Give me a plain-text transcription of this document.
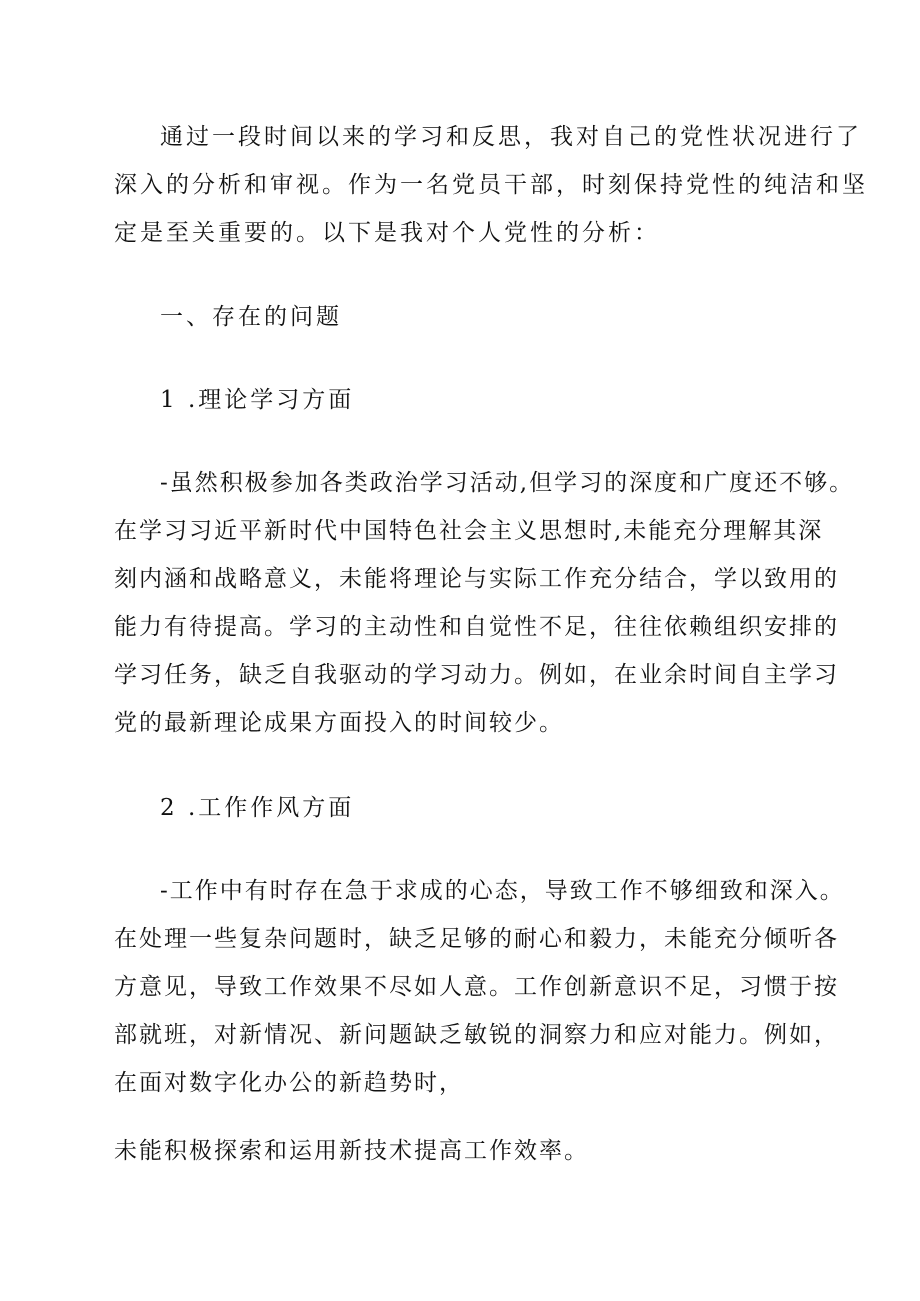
通过一段时间以来的学习和反思，我对自己的党性状况进行了
深入的分析和审视。作为一名党员干部，时刻保持党性的纯洁和坚
定是至关重要的。以下是我对个人党性的分析：
一、存在的问题
1 .理论学习方面
-虽然积极参加各类政治学习活动,但学习的深度和广度还不够。
在学习习近平新时代中国特色社会主义思想时,未能充分理解其深
刻内涵和战略意义，未能将理论与实际工作充分结合，学以致用的
能力有待提高。学习的主动性和自觉性不足，往往依赖组织安排的
学习任务，缺乏自我驱动的学习动力。例如，在业余时间自主学习
党的最新理论成果方面投入的时间较少。
2 .工作作风方面
-工作中有时存在急于求成的心态，导致工作不够细致和深入。
在处理一些复杂问题时，缺乏足够的耐心和毅力，未能充分倾听各
方意见，导致工作效果不尽如人意。工作创新意识不足，习惯于按
部就班，对新情况、新问题缺乏敏锐的洞察力和应对能力。例如，
在面对数字化办公的新趋势时，
未能积极探索和运用新技术提高工作效率。
